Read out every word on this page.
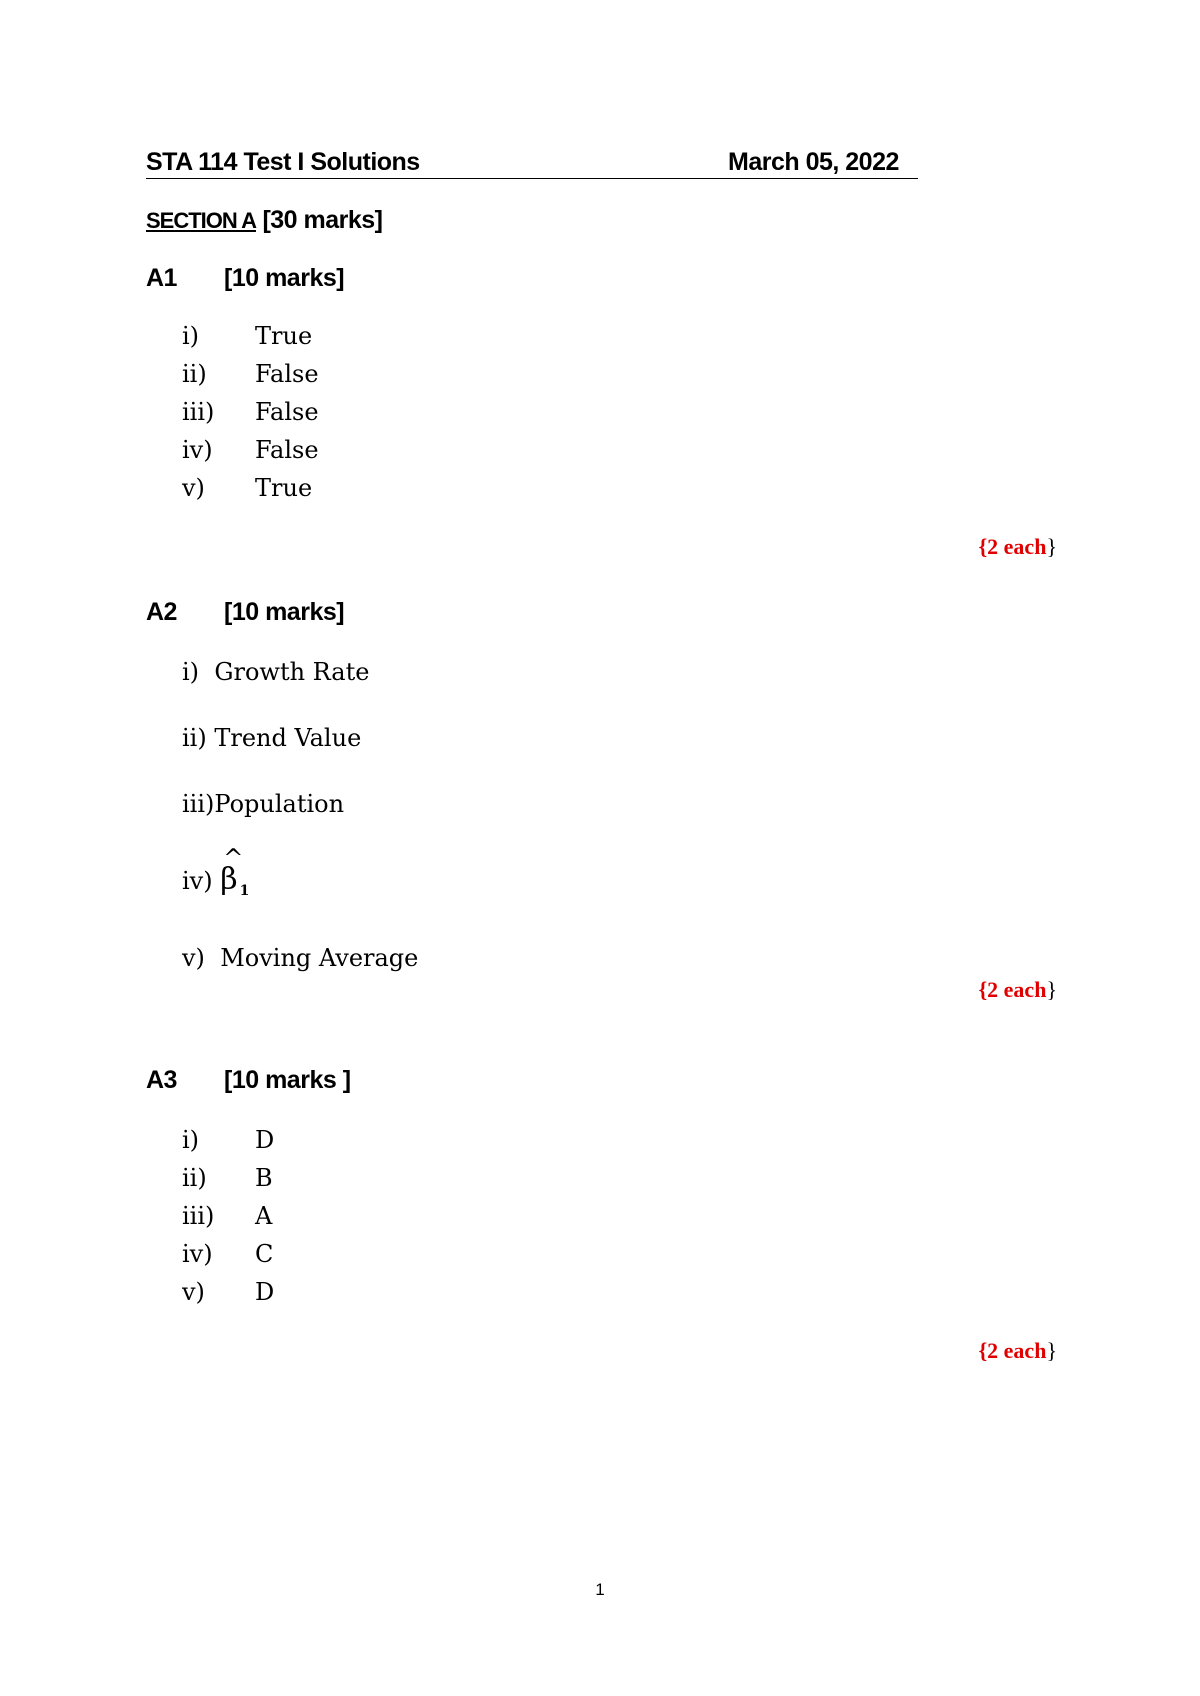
STA 114 Test I Solutions	March 05, 2022
SECTION A [30 marks]
A1 [10 marks]
i) True
ii) False
iii) False
iv) False
v) True
{2 each}
A2 [10 marks]
i) Growth Rate
ii) Trend Value
iii)Population
iv)
^
β $_1$
v) Moving Average
{2 each}
A3 [10 marks ]
i) D
ii) B
iii) A
iv) C
v) D
{2 each}
1
